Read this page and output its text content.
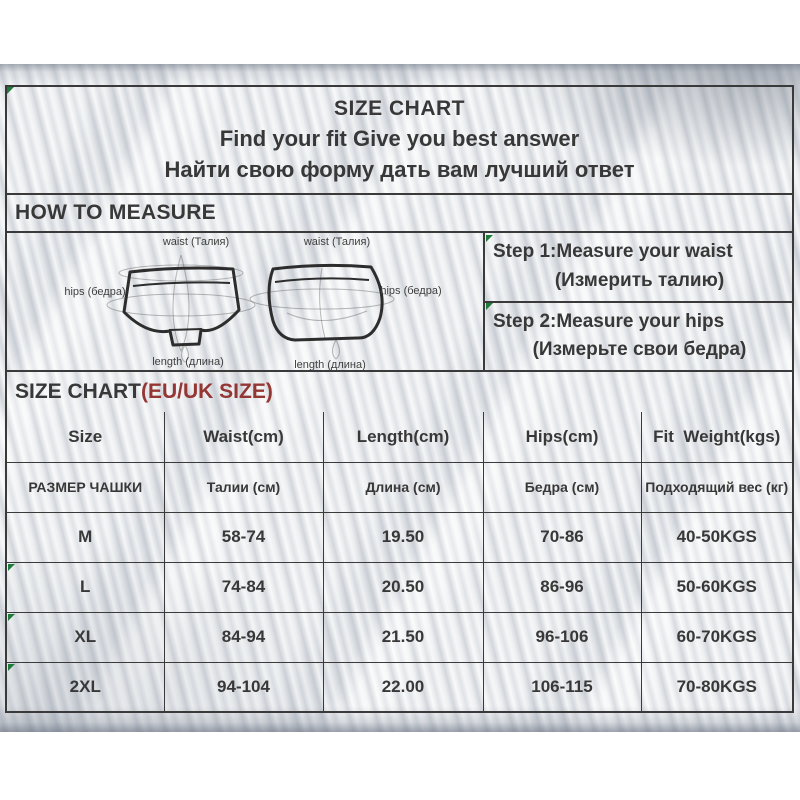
SIZE CHART
Find your fit Give you best answer
Найти свою форму дать вам лучший ответ
HOW TO MEASURE
waist (Талия)	waist (Талия)
hips (бедра)	hips (бедра)
length (длина)	length (длина)
Step 1:Measure your waist
(Измерить талию)
Step 2:Measure your hips
(Измерьте свои бедра)
SIZE CHART (EU/UK SIZE)
Size	Waist(cm)	Length(cm)	Hips(cm)	Fit  Weight(kgs)
РАЗМЕР ЧАШКИ	Талии (см)	Длина (см)	Бедра (см)	Подходящий вес (кг)
M	58-74	19.50	70-86	40-50KGS
L	74-84	20.50	86-96	50-60KGS
XL	84-94	21.50	96-106	60-70KGS
2XL	94-104	22.00	106-115	70-80KGS
